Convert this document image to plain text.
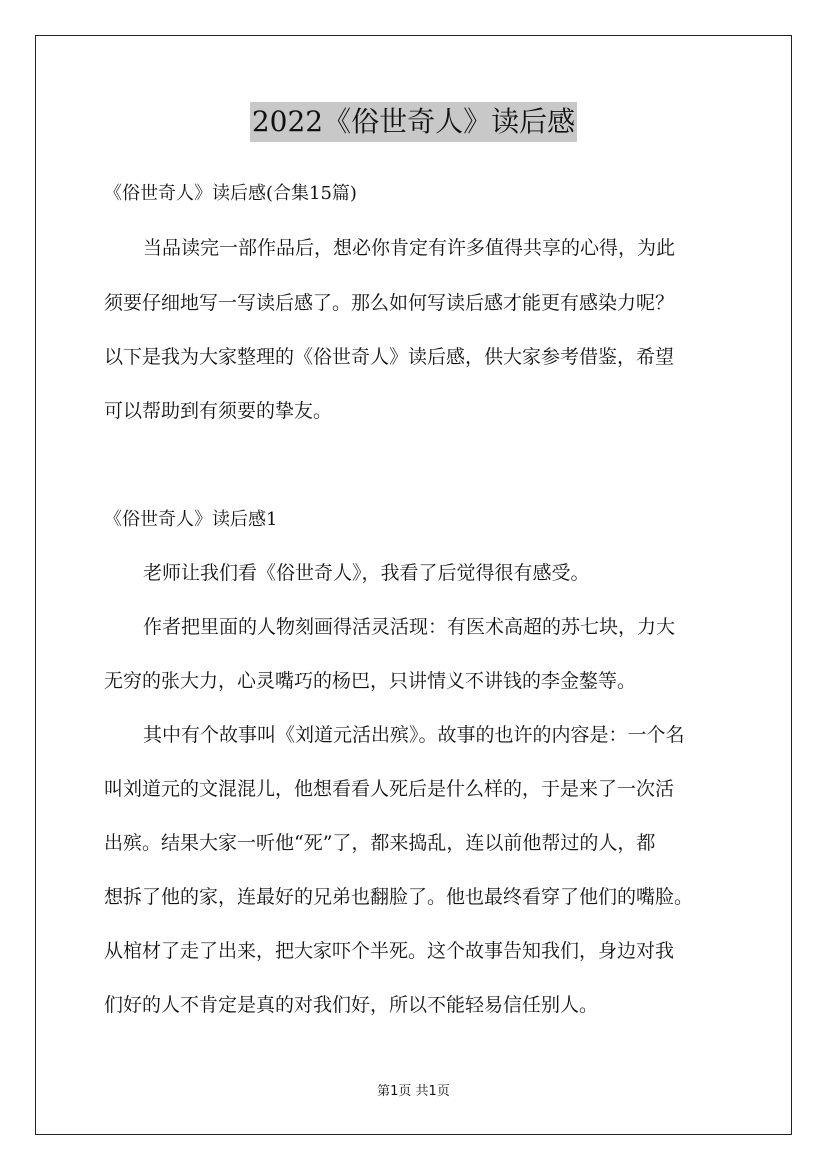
2022《俗世奇人》读后感
《俗世奇人》读后感(合集15篇)
当品读完一部作品后，想必你肯定有许多值得共享的心得，为此
须要仔细地写一写读后感了。那么如何写读后感才能更有感染力呢？
以下是我为大家整理的《俗世奇人》读后感，供大家参考借鉴，希望
可以帮助到有须要的挚友。
《俗世奇人》读后感1
老师让我们看《俗世奇人》，我看了后觉得很有感受。
作者把里面的人物刻画得活灵活现：有医术高超的苏七块，力大
无穷的张大力，心灵嘴巧的杨巴，只讲情义不讲钱的李金鏊等。
其中有个故事叫《刘道元活出殡》。故事的也许的内容是：一个名
叫刘道元的文混混儿，他想看看人死后是什么样的，于是来了一次活
出殡。结果大家一听他“死”了，都来捣乱，连以前他帮过的人，都
想拆了他的家，连最好的兄弟也翻脸了。他也最终看穿了他们的嘴脸。
从棺材了走了出来，把大家吓个半死。这个故事告知我们，身边对我
们好的人不肯定是真的对我们好，所以不能轻易信任别人。
第1页 共1页
